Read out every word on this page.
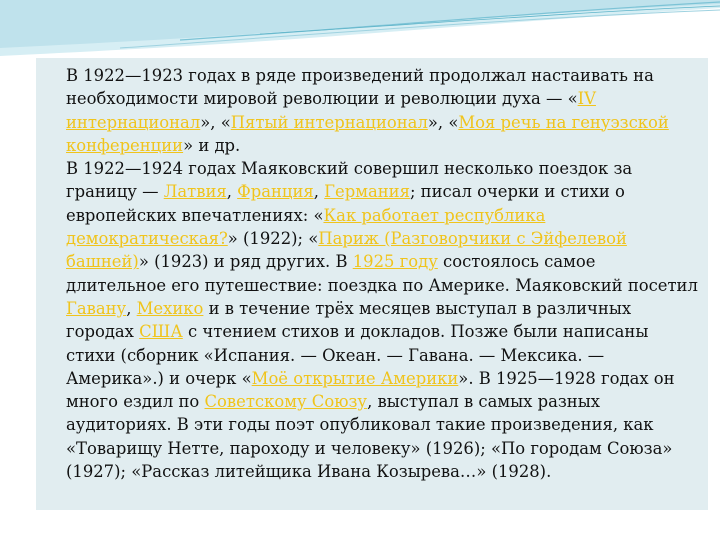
В 1922—1923 годах в ряде произведений продолжал настаивать на необходимости мировой революции и революции духа — «IV интернационал», «Пятый интернационал», «Моя речь на генуэзской конференции» и др.

В 1922—1924 годах Маяковский совершил несколько поездок за границу — Латвия, Франция, Германия; писал очерки и стихи о европейских впечатлениях: «Как работает республика демократическая?» (1922); «Париж (Разговорчики с Эйфелевой башней)» (1923) и ряд других. В 1925 году состоялось самое длительное его путешествие: поездка по Америке. Маяковский посетил Гавану, Мехико и в течение трёх месяцев выступал в различных городах США с чтением стихов и докладов. Позже были написаны стихи (сборник «Испания. — Океан. — Гавана. — Мексика. — Америка».) и очерк «Моё открытие Америки». В 1925—1928 годах он много ездил по Советскому Союзу, выступал в самых разных аудиториях. В эти годы поэт опубликовал такие произведения, как «Товарищу Нетте, пароходу и человеку» (1926); «По городам Союза» (1927); «Рассказ литейщика Ивана Козырева…» (1928).
